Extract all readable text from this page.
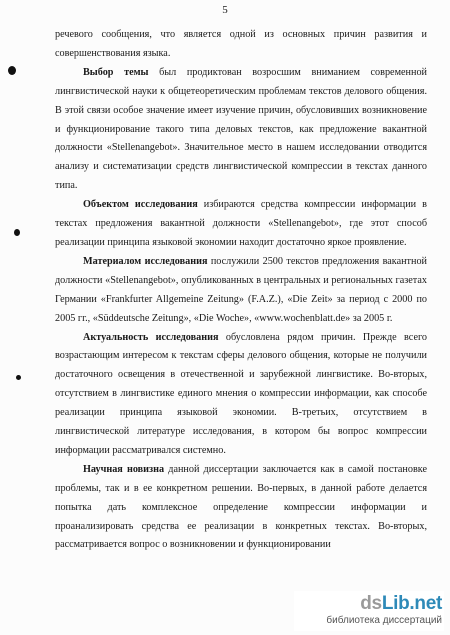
5

речевого сообщения, что является одной из основных причин развития и совершенствования языка.

Выбор темы был продиктован возросшим вниманием современной лингвистической науки к общетеоретическим проблемам текстов делового общения. В этой связи особое значение имеет изучение причин, обусловивших возникновение и функционирование такого типа деловых текстов, как предложение вакантной должности «Stellenangebot». Значительное место в нашем исследовании отводится анализу и систематизации средств лингвистической компрессии в текстах данного типа.

Объектом исследования избираются средства компрессии информации в текстах предложения вакантной должности «Stellenangebot», где этот способ реализации принципа языковой экономии находит достаточно яркое проявление.

Материалом исследования послужили 2500 текстов предложения вакантной должности «Stellenangebot», опубликованных в центральных и региональных газетах Германии «Frankfurter Allgemeine Zeitung» (F.A.Z.), «Die Zeit» за период с 2000 по 2005 гг., «Süddeutsche Zeitung», «Die Woche», «www.wochenblatt.de» за 2005 г.

Актуальность исследования обусловлена рядом причин. Прежде всего возрастающим интересом к текстам сферы делового общения, которые не получили достаточного освещения в отечественной и зарубежной лингвистике. Во-вторых, отсутствием в лингвистике единого мнения о компрессии информации, как способе реализации принципа языковой экономии. В-третьих, отсутствием в лингвистической литературе исследования, в котором бы вопрос компрессии информации рассматривался системно.

Научная новизна данной диссертации заключается как в самой постановке проблемы, так и в ее конкретном решении. Во-первых, в данной работе делается попытка дать комплексное определение компрессии информации и проанализировать средства ее реализации в конкретных текстах. Во-вторых, рассматривается вопрос о возникновении и функционировании

dsLib.net
библиотека диссертаций
